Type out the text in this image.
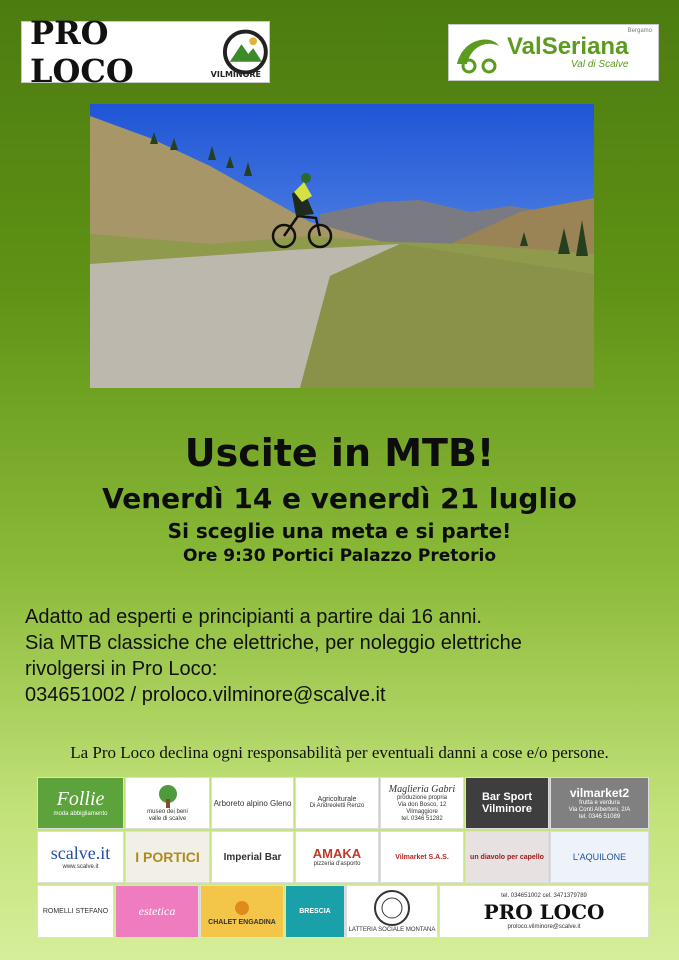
PRO LOCO	VILMINORE
Bergamo
ValSeriana
Val di Scalve
Uscite in MTB!
Venerdì 14 e venerdì 21 luglio
Si sceglie una meta e si parte!
Ore 9:30 Portici Palazzo Pretorio
Adatto ad esperti e principianti a partire dai 16 anni.
Sia MTB classiche che elettriche, per noleggio elettriche
rivolgersi in Pro Loco:
034651002 / proloco.vilminore@scalve.it
La Pro Loco declina ogni responsabilità per eventuali danni a cose e/o persone.
Follie
moda abbigliamento	museo dei beni
valle di scalve
Arboreto alpino Gleno	Agricolturale
Di Andreoletti Renzo
Maglieria Gabri
produzione propria
Via don Bosco, 12
Vilmaggiore
tel. 0346 51282
Bar Sport
Vilminore
vilmarket2
frutta e verdura
Via Conti Albertoni, 2/A
tel. 0346 51089
scalve.it
www.scalve.it
I PORTICI Imperial Bar AMAKA
pizzeria d'asporto
Vilmarket S.A.S.	un diavolo per capello	L'AQUILONE
ROMELLI STEFANO	estetica
CHALET ENGADINA
BRESCIA
LATTERIA SOCIALE MONTANA
tel. 034651002 cel. 3471379789
PRO LOCO
proloco.vilminore@scalve.it
